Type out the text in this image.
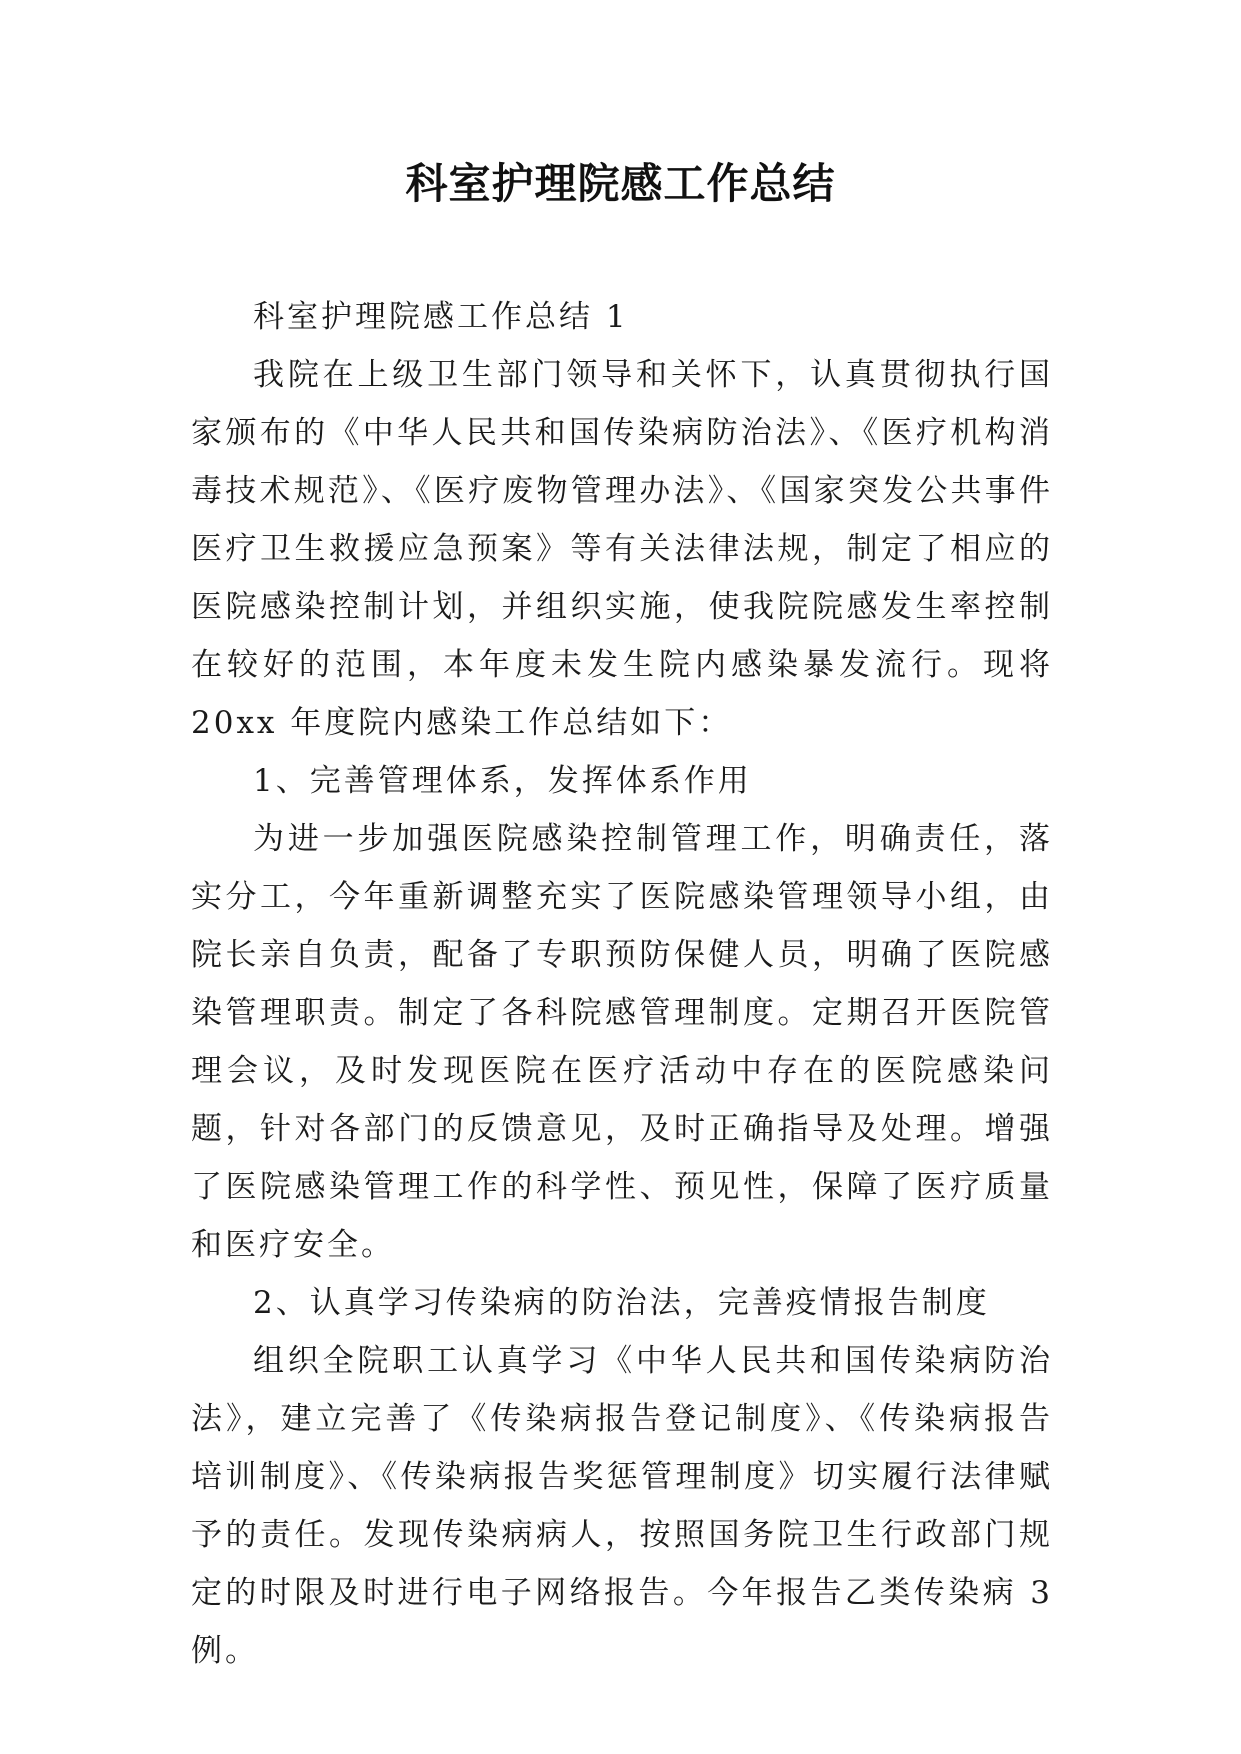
科室护理院感工作总结

科室护理院感工作总结 1

我院在上级卫生部门领导和关怀下，认真贯彻执行国家颁布的《中华人民共和国传染病防治法》、《医疗机构消毒技术规范》、《医疗废物管理办法》、《国家突发公共事件医疗卫生救援应急预案》等有关法律法规，制定了相应的医院感染控制计划，并组织实施，使我院院感发生率控制在较好的范围，本年度未发生院内感染暴发流行。现将 20xx 年度院内感染工作总结如下：

1、完善管理体系，发挥体系作用

为进一步加强医院感染控制管理工作，明确责任，落实分工，今年重新调整充实了医院感染管理领导小组，由院长亲自负责，配备了专职预防保健人员，明确了医院感染管理职责。制定了各科院感管理制度。定期召开医院管理会议，及时发现医院在医疗活动中存在的医院感染问题，针对各部门的反馈意见，及时正确指导及处理。增强了医院感染管理工作的科学性、预见性，保障了医疗质量和医疗安全。

2、认真学习传染病的防治法，完善疫情报告制度

组织全院职工认真学习《中华人民共和国传染病防治法》，建立完善了《传染病报告登记制度》、《传染病报告培训制度》、《传染病报告奖惩管理制度》切实履行法律赋予的责任。发现传染病病人，按照国务院卫生行政部门规定的时限及时进行电子网络报告。今年报告乙类传染病 3 例。
